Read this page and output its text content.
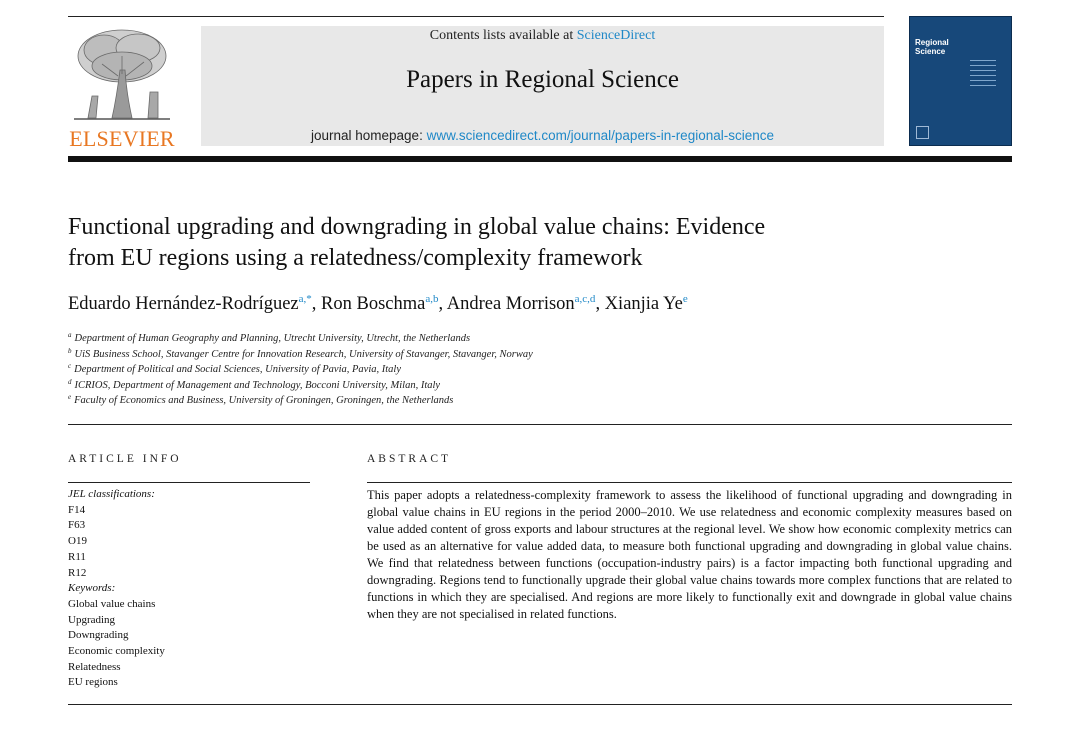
ELSEVIER
Contents lists available at ScienceDirect
Papers in Regional Science
journal homepage: www.sciencedirect.com/journal/papers-in-regional-science
Regional Science
Functional upgrading and downgrading in global value chains: Evidence
from EU regions using a relatedness/complexity framework
Eduardo Hernández-Rodríguez$^{a,*}$, Ron Boschma$^{a,b}$, Andrea Morrison$^{a,c,d}$, Xianjia Ye$^e$
$^a$ Department of Human Geography and Planning, Utrecht University, Utrecht, the Netherlands
$^b$ UiS Business School, Stavanger Centre for Innovation Research, University of Stavanger, Stavanger, Norway
$^c$ Department of Political and Social Sciences, University of Pavia, Pavia, Italy
$^d$ ICRIOS, Department of Management and Technology, Bocconi University, Milan, Italy
$^e$ Faculty of Economics and Business, University of Groningen, Groningen, the Netherlands
ARTICLE INFO
JEL classifications:
F14
F63
O19
R11
R12
Keywords:
Global value chains
Upgrading
Downgrading
Economic complexity
Relatedness
EU regions
ABSTRACT
This paper adopts a relatedness-complexity framework to assess the likelihood of functional upgrading and downgrading in global value chains in EU regions in the period 2000–2010. We use relatedness and economic complexity measures based on value added content of gross exports and labour structures at the regional level. We show how economic complexity metrics can be used as an alternative for value added data, to measure both functional upgrading and downgrading in global value chains. We find that relatedness between functions (occupation-industry pairs) is a factor impacting both functional upgrading and downgrading. Regions tend to functionally upgrade their global value chains towards more complex functions that are related to functions in which they are specialised. And regions are more likely to functionally exit and downgrade in global value chains when they are not specialised in related functions.
